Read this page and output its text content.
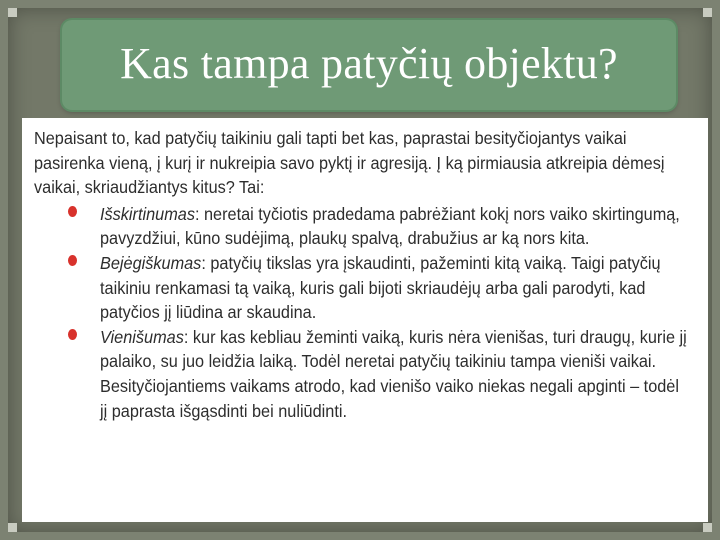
Kas tampa patyčių objektu?

Nepaisant to, kad patyčių taikiniu gali tapti bet kas, paprastai besityčiojantys vaikai pasirenka vieną, į kurį ir nukreipia savo pyktį ir agresiją. Į ką pirmiausia atkreipia dėmesį vaikai, skriaudžiantys kitus? Tai:

Išskirtinumas: neretai tyčiotis pradedama pabrėžiant kokį nors vaiko skirtingumą, pavyzdžiui, kūno sudėjimą, plaukų spalvą, drabužius ar ką nors kita.
Bejėgiškumas: patyčių tikslas yra įskaudinti, pažeminti kitą vaiką. Taigi patyčių taikiniu renkamasi tą vaiką, kuris gali bijoti skriaudėjų arba gali parodyti, kad patyčios jį liūdina ar skaudina.
Vienišumas: kur kas kebliau žeminti vaiką, kuris nėra vienišas, turi draugų, kurie jį palaiko, su juo leidžia laiką. Todėl neretai patyčių taikiniu tampa vieniši vaikai. Besityčiojantiems vaikams atrodo, kad vienišo vaiko niekas negali apginti – todėl jį paprasta išgąsdinti bei nuliūdinti.
